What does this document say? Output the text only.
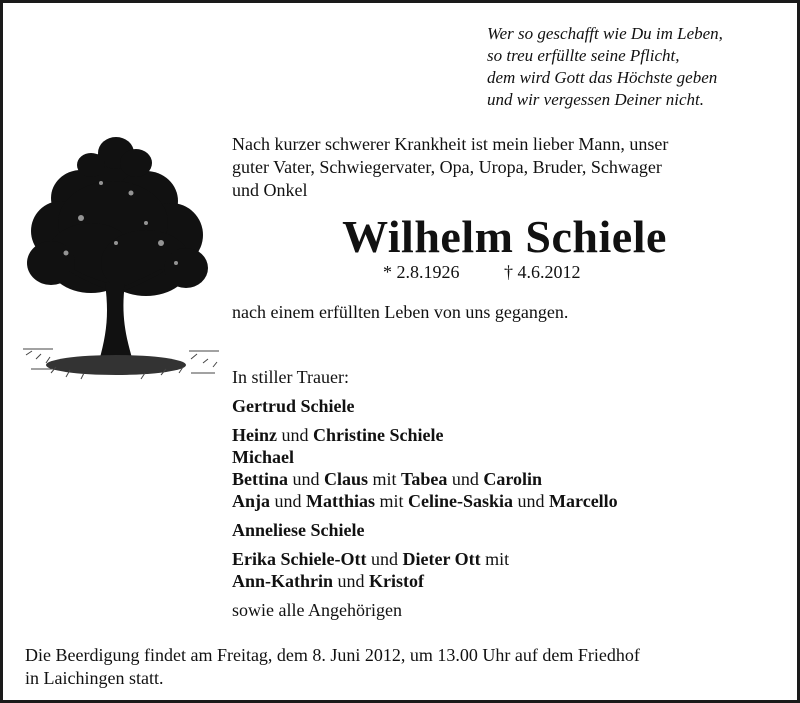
Wer so geschafft wie Du im Leben,
so treu erfüllte seine Pflicht,
dem wird Gott das Höchste geben
und wir vergessen Deiner nicht.
Nach kurzer schwerer Krankheit ist mein lieber Mann, unser
guter Vater, Schwiegervater, Opa, Uropa, Bruder, Schwager
und Onkel
Wilhelm Schiele
* 2.8.1926 † 4.6.2012
nach einem erfüllten Leben von uns gegangen.
In stiller Trauer:
Gertrud Schiele
Heinz und Christine Schiele
Michael
Bettina und Claus mit Tabea und Carolin
Anja und Matthias mit Celine-Saskia und Marcello
Anneliese Schiele
Erika Schiele-Ott und Dieter Ott mit
Ann-Kathrin und Kristof
sowie alle Angehörigen
Die Beerdigung findet am Freitag, dem 8. Juni 2012, um 13.00 Uhr auf dem Friedhof
in Laichingen statt.
